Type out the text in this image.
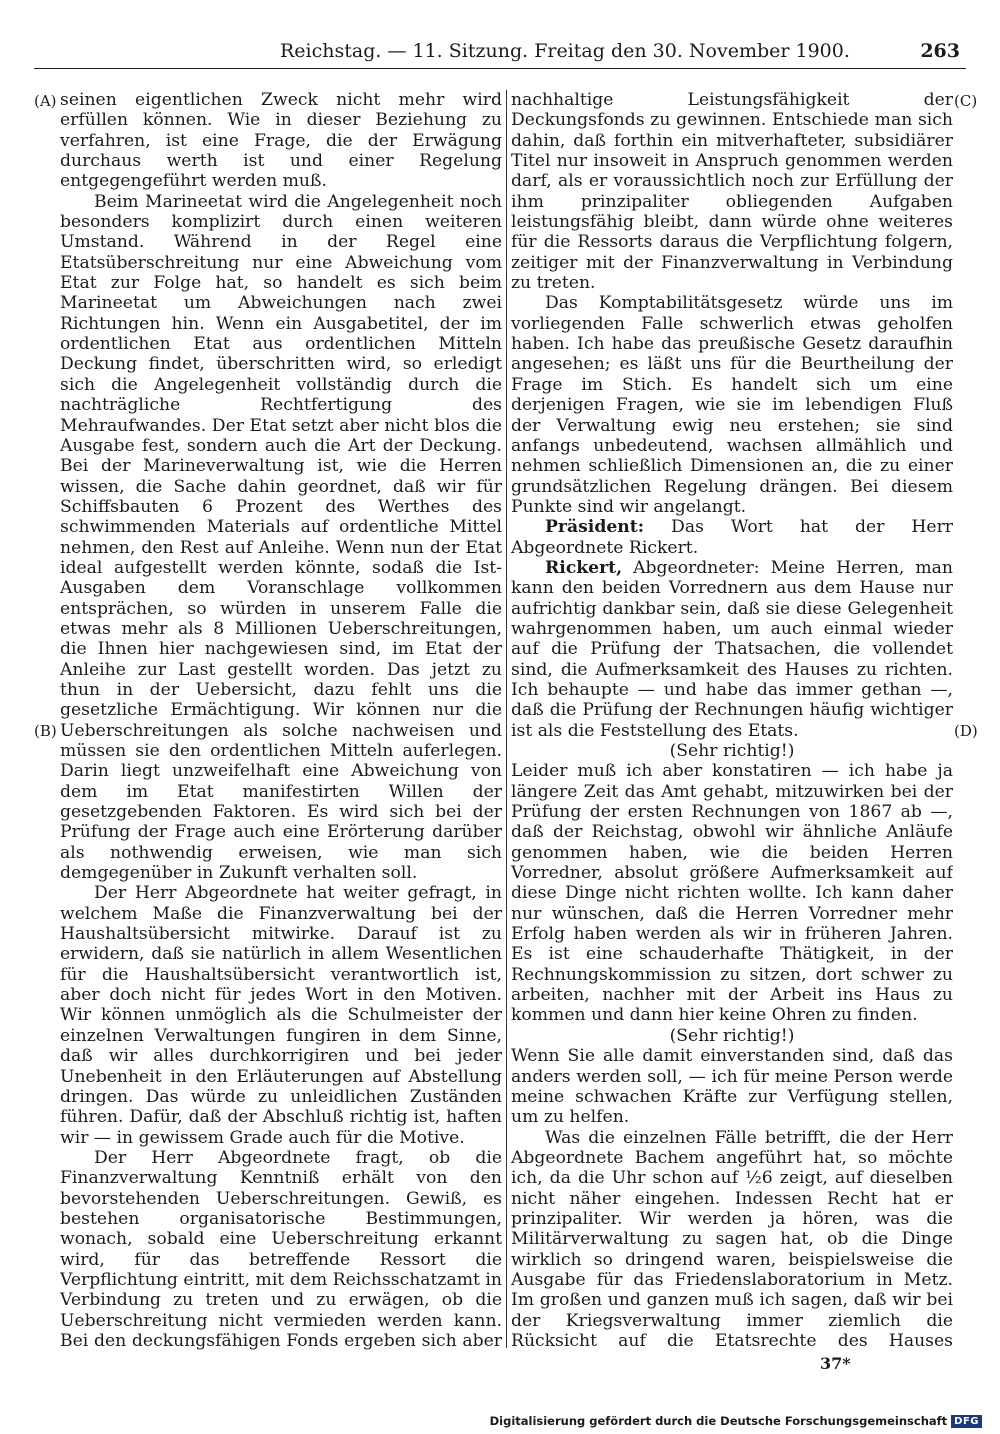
Reichstag. — 11. Sitzung. Freitag den 30. November 1900.	263
(A)
(B)
(C)
(D)

seinen eigentlichen Zweck nicht mehr wird erfüllen können. Wie in dieser Beziehung zu verfahren, ist eine Frage, die der Erwägung durchaus werth ist und einer Regelung entgegengeführt werden muß.

Beim Marineetat wird die Angelegenheit noch besonders komplizirt durch einen weiteren Umstand. Während in der Regel eine Etatsüberschreitung nur eine Abweichung vom Etat zur Folge hat, so handelt es sich beim Marineetat um Abweichungen nach zwei Richtungen hin. Wenn ein Ausgabetitel, der im ordentlichen Etat aus ordentlichen Mitteln Deckung findet, überschritten wird, so erledigt sich die Angelegenheit vollständig durch die nachträgliche Rechtfertigung des Mehraufwandes. Der Etat setzt aber nicht blos die Ausgabe fest, sondern auch die Art der Deckung. Bei der Marineverwaltung ist, wie die Herren wissen, die Sache dahin geordnet, daß wir für Schiffsbauten 6 Prozent des Werthes des schwimmenden Materials auf ordentliche Mittel nehmen, den Rest auf Anleihe. Wenn nun der Etat ideal aufgestellt werden könnte, sodaß die Ist-Ausgaben dem Voranschlage vollkommen entsprächen, so würden in unserem Falle die etwas mehr als 8 Millionen Ueberschreitungen, die Ihnen hier nachgewiesen sind, im Etat der Anleihe zur Last gestellt worden. Das jetzt zu thun in der Uebersicht, dazu fehlt uns die gesetzliche Ermächtigung. Wir können nur die Ueberschreitungen als solche nachweisen und müssen sie den ordentlichen Mitteln auferlegen. Darin liegt unzweifelhaft eine Abweichung von dem im Etat manifestirten Willen der gesetzgebenden Faktoren. Es wird sich bei der Prüfung der Frage auch eine Erörterung darüber als nothwendig erweisen, wie man sich demgegenüber in Zukunft verhalten soll.

Der Herr Abgeordnete hat weiter gefragt, in welchem Maße die Finanzverwaltung bei der Haushaltsübersicht mitwirke. Darauf ist zu erwidern, daß sie natürlich in allem Wesentlichen für die Haushaltsübersicht verantwortlich ist, aber doch nicht für jedes Wort in den Motiven. Wir können unmöglich als die Schulmeister der einzelnen Verwaltungen fungiren in dem Sinne, daß wir alles durchkorrigiren und bei jeder Unebenheit in den Erläuterungen auf Abstellung dringen. Das würde zu unleidlichen Zuständen führen. Dafür, daß der Abschluß richtig ist, haften wir — in gewissem Grade auch für die Motive.

Der Herr Abgeordnete fragt, ob die Finanzverwaltung Kenntniß erhält von den bevorstehenden Ueberschreitungen. Gewiß, es bestehen organisatorische Bestimmungen, wonach, sobald eine Ueberschreitung erkannt wird, für das betreffende Ressort die Verpflichtung eintritt, mit dem Reichsschatzamt in Verbindung zu treten und zu erwägen, ob die Ueberschreitung nicht vermieden werden kann. Bei den deckungsfähigen Fonds ergeben sich aber

nachhaltige Leistungsfähigkeit der Deckungsfonds zu gewinnen. Entschiede man sich dahin, daß forthin ein mitverhafteter, subsidiärer Titel nur insoweit in Anspruch genommen werden darf, als er voraussichtlich noch zur Erfüllung der ihm prinzipaliter obliegenden Aufgaben leistungsfähig bleibt, dann würde ohne weiteres für die Ressorts daraus die Verpflichtung folgern, zeitiger mit der Finanzverwaltung in Verbindung zu treten.

Das Komptabilitätsgesetz würde uns im vorliegenden Falle schwerlich etwas geholfen haben. Ich habe das preußische Gesetz daraufhin angesehen; es läßt uns für die Beurtheilung der Frage im Stich. Es handelt sich um eine derjenigen Fragen, wie sie im lebendigen Fluß der Verwaltung ewig neu erstehen; sie sind anfangs unbedeutend, wachsen allmählich und nehmen schließlich Dimensionen an, die zu einer grundsätzlichen Regelung drängen. Bei diesem Punkte sind wir angelangt.

Präsident: Das Wort hat der Herr Abgeordnete Rickert.

Rickert, Abgeordneter: Meine Herren, man kann den beiden Vorrednern aus dem Hause nur aufrichtig dankbar sein, daß sie diese Gelegenheit wahrgenommen haben, um auch einmal wieder auf die Prüfung der Thatsachen, die vollendet sind, die Aufmerksamkeit des Hauses zu richten. Ich behaupte — und habe das immer gethan —, daß die Prüfung der Rechnungen häufig wichtiger ist als die Feststellung des Etats.

(Sehr richtig!)

Leider muß ich aber konstatiren — ich habe ja längere Zeit das Amt gehabt, mitzuwirken bei der Prüfung der ersten Rechnungen von 1867 ab —, daß der Reichstag, obwohl wir ähnliche Anläufe genommen haben, wie die beiden Herren Vorredner, absolut größere Aufmerksamkeit auf diese Dinge nicht richten wollte. Ich kann daher nur wünschen, daß die Herren Vorredner mehr Erfolg haben werden als wir in früheren Jahren. Es ist eine schauderhafte Thätigkeit, in der Rechnungskommission zu sitzen, dort schwer zu arbeiten, nachher mit der Arbeit ins Haus zu kommen und dann hier keine Ohren zu finden.

(Sehr richtig!)

Wenn Sie alle damit einverstanden sind, daß das anders werden soll, — ich für meine Person werde meine schwachen Kräfte zur Verfügung stellen, um zu helfen.

Was die einzelnen Fälle betrifft, die der Herr Abgeordnete Bachem angeführt hat, so möchte ich, da die Uhr schon auf ½6 zeigt, auf dieselben nicht näher eingehen. Indessen Recht hat er prinzipaliter. Wir werden ja hören, was die Militärverwaltung zu sagen hat, ob die Dinge wirklich so dringend waren, beispielsweise die Ausgabe für das Friedenslaboratorium in Metz. Im großen und ganzen muß ich sagen, daß wir bei der Kriegsverwaltung immer ziemlich die Rücksicht auf die Etatsrechte des Hauses

37*
Digitalisierung gefördert durch die Deutsche Forschungsgemeinschaft DFG
